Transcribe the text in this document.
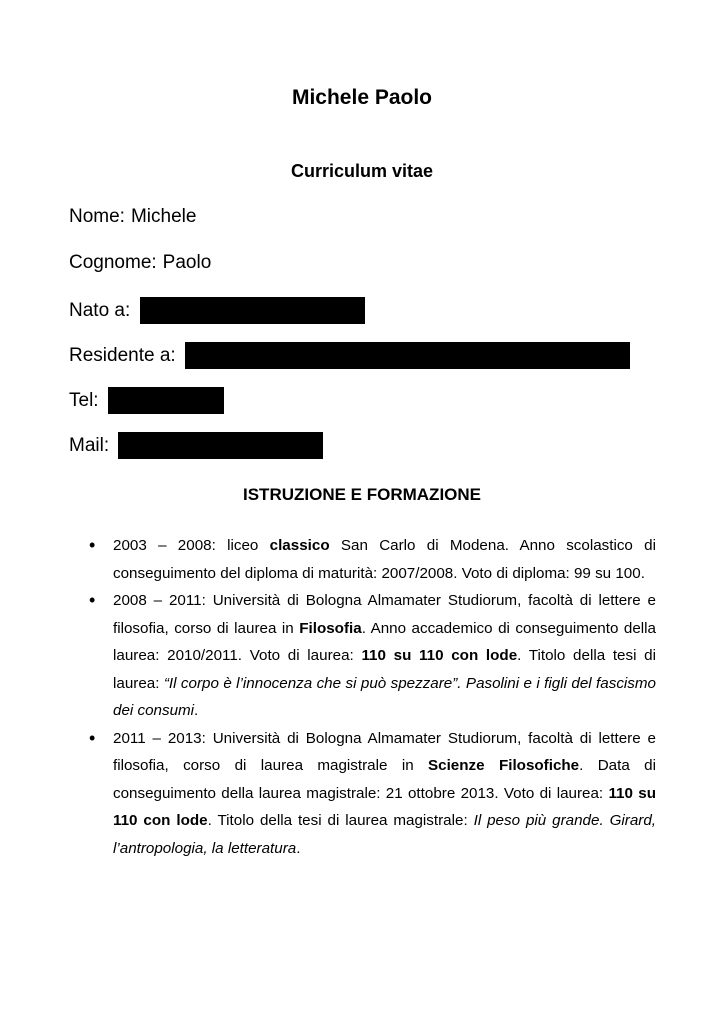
Michele Paolo
Curriculum vitae
Nome: Michele
Cognome: Paolo
Nato a:
Residente a:
Tel:
Mail:
ISTRUZIONE E FORMAZIONE
• 2003 – 2008: liceo classico San Carlo di Modena. Anno scolastico di conseguimento del diploma di maturità: 2007/2008. Voto di diploma: 99 su 100.
• 2008 – 2011: Università di Bologna Almamater Studiorum, facoltà di lettere e filosofia, corso di laurea in Filosofia. Anno accademico di conseguimento della laurea: 2010/2011. Voto di laurea: 110 su 110 con lode. Titolo della tesi di laurea: “Il corpo è l’innocenza che si può spezzare”. Pasolini e i figli del fascismo dei consumi.
• 2011 – 2013: Università di Bologna Almamater Studiorum, facoltà di lettere e filosofia, corso di laurea magistrale in Scienze Filosofiche. Data di conseguimento della laurea magistrale: 21 ottobre 2013. Voto di laurea: 110 su 110 con lode. Titolo della tesi di laurea magistrale: Il peso più grande. Girard, l’antropologia, la letteratura.
